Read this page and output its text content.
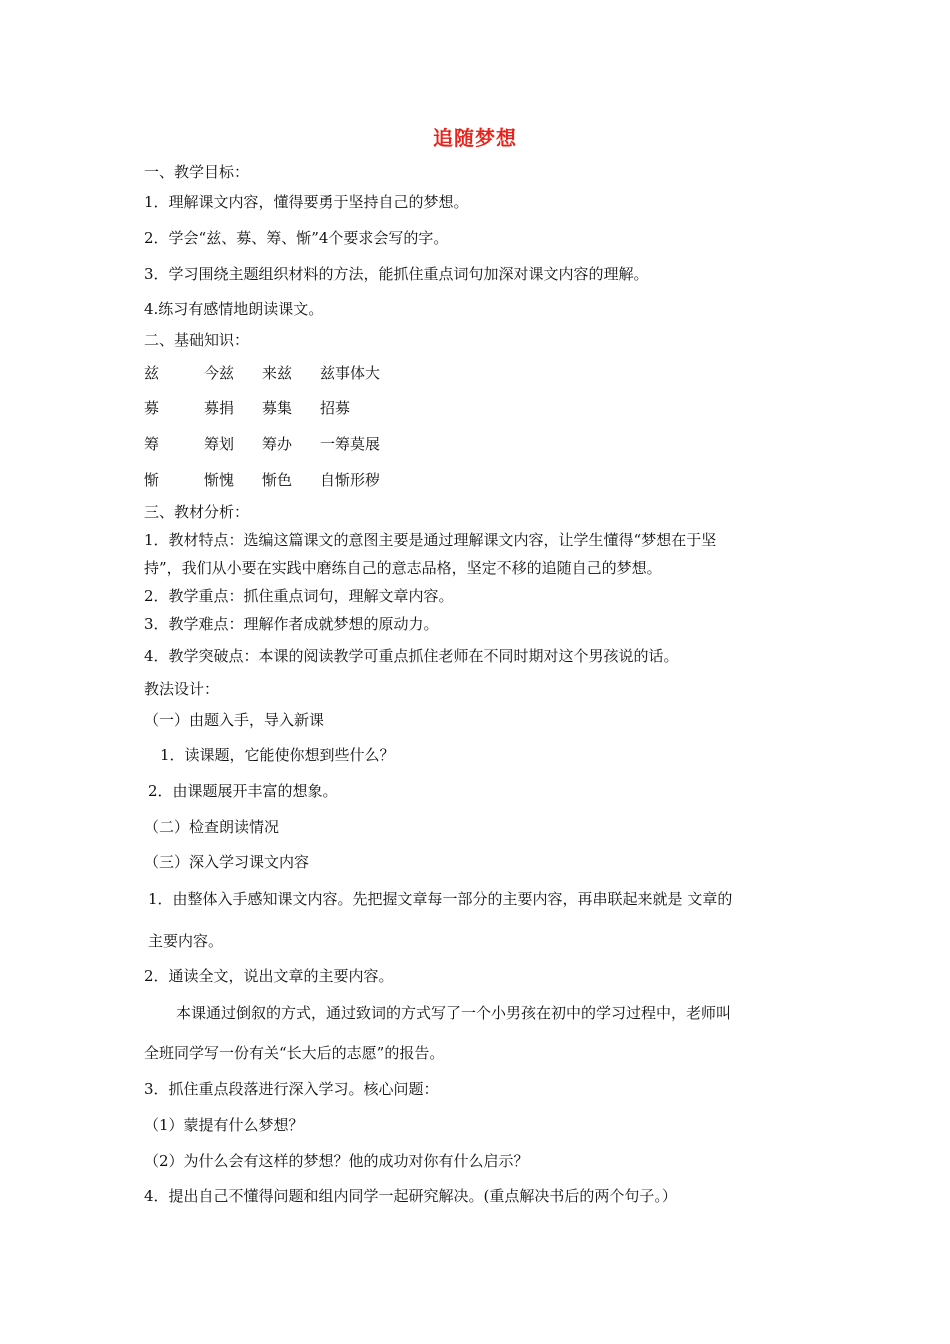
追随梦想
一、教学目标：
1．理解课文内容，懂得要勇于坚持自己的梦想。
2．学会“兹、募、筹、惭”4个要求会写的字。
3．学习围绕主题组织材料的方法，能抓住重点词句加深对课文内容的理解。
4.练习有感情地朗读课文。
二、基础知识：
兹	今兹 来兹 兹事体大
募	募捐 募集 招募
筹	筹划 筹办 一筹莫展
惭	惭愧 惭色 自惭形秽
三、教材分析：
1．教材特点：选编这篇课文的意图主要是通过理解课文内容，让学生懂得“梦想在于坚
持”，我们从小要在实践中磨练自己的意志品格，坚定不移的追随自己的梦想。
2．教学重点：抓住重点词句，理解文章内容。
3．教学难点：理解作者成就梦想的原动力。
4．教学突破点：本课的阅读教学可重点抓住老师在不同时期对这个男孩说的话。
教法设计：
（一）由题入手，导入新课
1．读课题，它能使你想到些什么？
2．由课题展开丰富的想象。
（二）检查朗读情况
（三）深入学习课文内容
1．由整体入手感知课文内容。先把握文章每一部分的主要内容，再串联起来就是 文章的
主要内容。
2．通读全文，说出文章的主要内容。
本课通过倒叙的方式，通过致词的方式写了一个小男孩在初中的学习过程中，老师叫
全班同学写一份有关“长大后的志愿”的报告。
3．抓住重点段落进行深入学习。核心问题：
（1）蒙提有什么梦想？
（2）为什么会有这样的梦想？他的成功对你有什么启示？
4．提出自己不懂得问题和组内同学一起研究解决。(重点解决书后的两个句子。）
